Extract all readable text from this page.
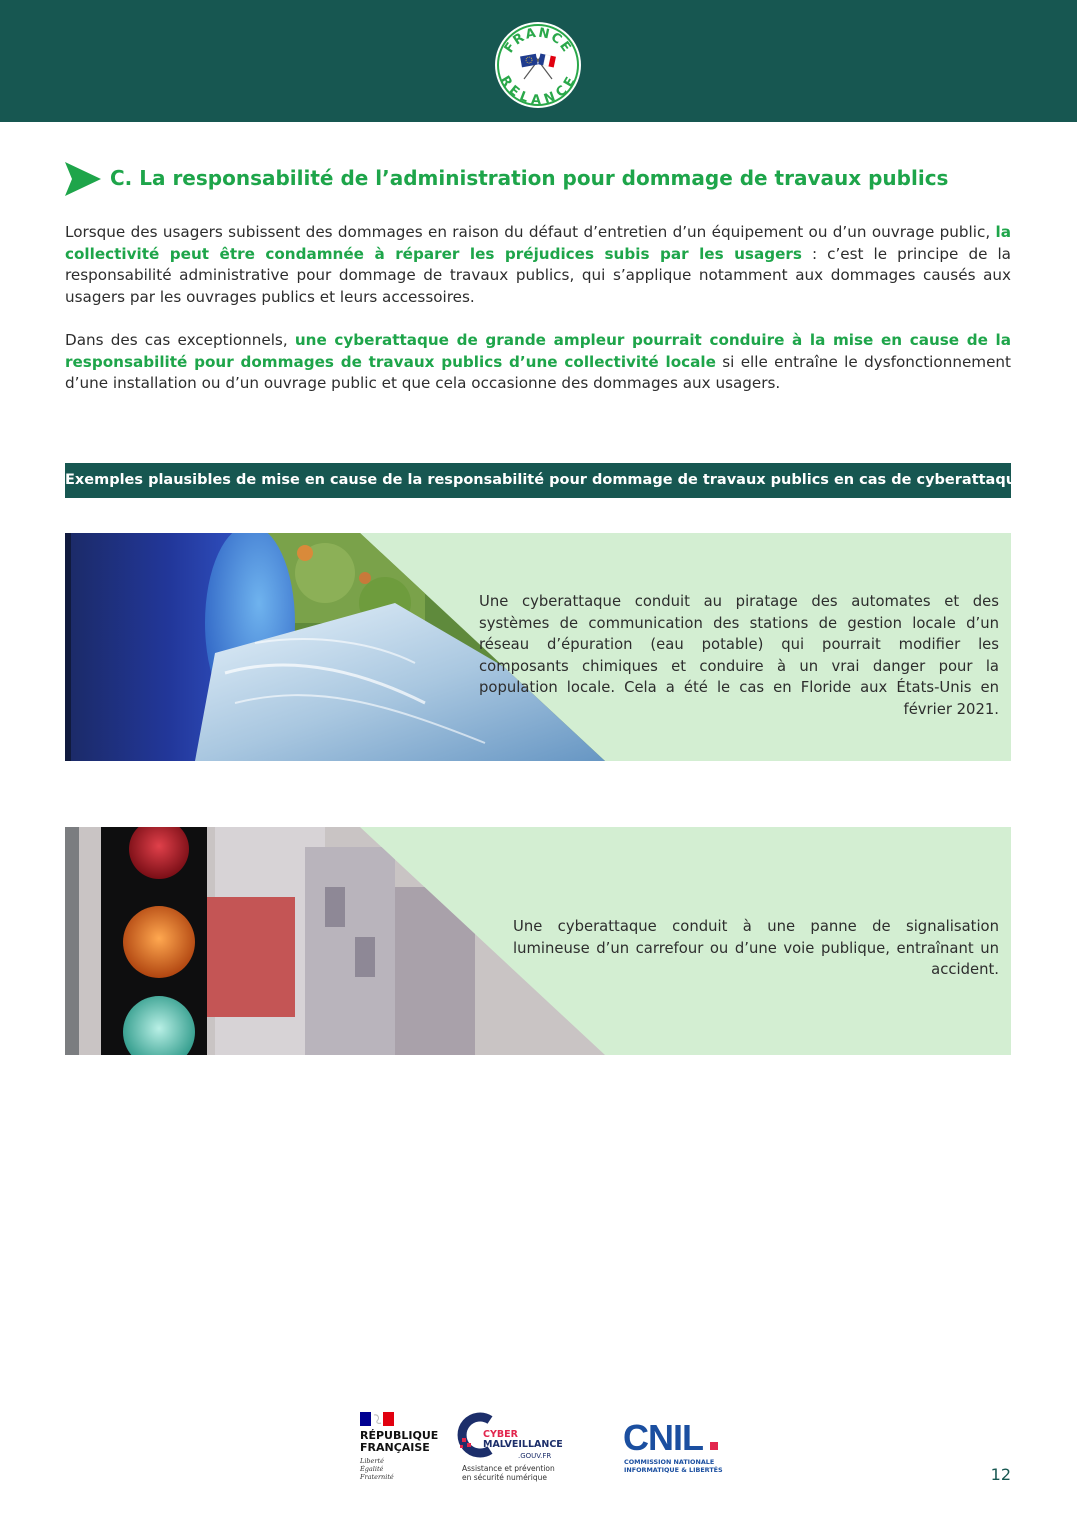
FRANCE
RELANCE
C. La responsabilité de l’administration pour dommage de travaux publics
Lorsque des usagers subissent des dommages en raison du défaut d’entretien d’un équipement ou d’un ouvrage public, la collectivité peut être condamnée à réparer les préjudices subis par les usagers : c’est le principe de la responsabilité administrative pour dommage de travaux publics, qui s’applique notamment aux dommages causés aux usagers par les ouvrages publics et leurs accessoires.
Dans des cas exceptionnels, une cyberattaque de grande ampleur pourrait conduire à la mise en cause de la responsabilité pour dommages de travaux publics d’une collectivité locale si elle entraîne le dysfonctionnement d’une installation ou d’un ouvrage public et que cela occasionne des dommages aux usagers.
Exemples plausibles de mise en cause de la responsabilité pour dommage de travaux publics en cas de cyberattaque
Une cyberattaque conduit au piratage des automates et des systèmes de communication des stations de gestion locale d’un réseau d’épuration (eau potable) qui pourrait modifier les composants chimiques et conduire à un vrai danger pour la population locale. Cela a été le cas en Floride aux États-Unis en février 2021.
Une cyberattaque conduit à une panne de signalisation lumineuse d’un carrefour ou d’une voie publique, entraînant un accident.
RÉPUBLIQUE
FRANÇAISE
Liberté
Égalité
Fraternité
CYBER
MALVEILLANCE
.GOUV.FR
Assistance et prévention
en sécurité numérique
CNIL
COMMISSION NATIONALE
INFORMATIQUE & LIBERTÉS	12
